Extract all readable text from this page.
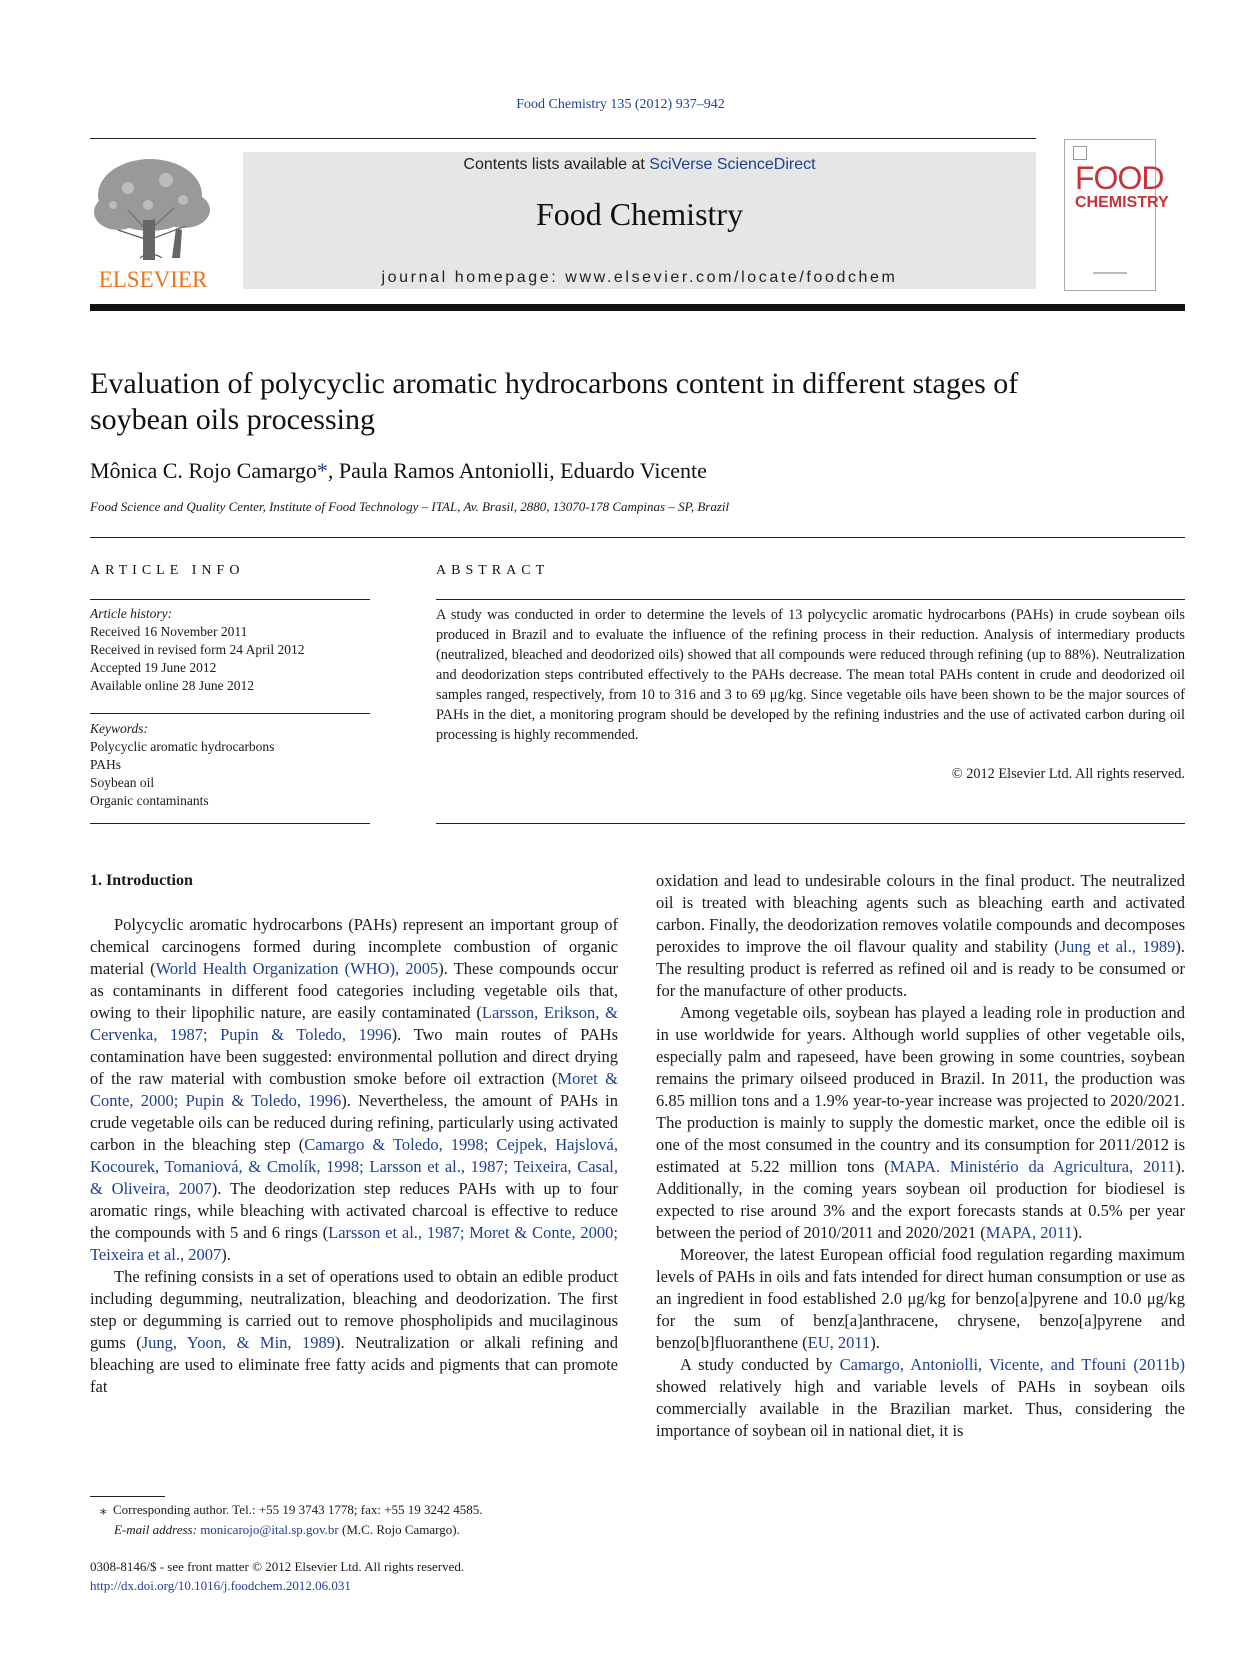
Food Chemistry 135 (2012) 937–942
ELSEVIER
Contents lists available at SciVerse ScienceDirect
Food Chemistry
journal homepage: www.elsevier.com/locate/foodchem
FOOD
CHEMISTRY
Evaluation of polycyclic aromatic hydrocarbons content in different stages of soybean oils processing
Mônica C. Rojo Camargo*, Paula Ramos Antoniolli, Eduardo Vicente
Food Science and Quality Center, Institute of Food Technology – ITAL, Av. Brasil, 2880, 13070-178 Campinas – SP, Brazil
ARTICLE INFO	ABSTRACT
Article history:
Received 16 November 2011
Received in revised form 24 April 2012
Accepted 19 June 2012
Available online 28 June 2012
Keywords:
Polycyclic aromatic hydrocarbons
PAHs
Soybean oil
Organic contaminants
A study was conducted in order to determine the levels of 13 polycyclic aromatic hydrocarbons (PAHs) in crude soybean oils produced in Brazil and to evaluate the influence of the refining process in their reduction. Analysis of intermediary products (neutralized, bleached and deodorized oils) showed that all compounds were reduced through refining (up to 88%). Neutralization and deodorization steps contributed effectively to the PAHs decrease. The mean total PAHs content in crude and deodorized oil samples ranged, respectively, from 10 to 316 and 3 to 69 μg/kg. Since vegetable oils have been shown to be the major sources of PAHs in the diet, a monitoring program should be developed by the refining industries and the use of activated carbon during oil processing is highly recommended.
© 2012 Elsevier Ltd. All rights reserved.
1. Introduction

Polycyclic aromatic hydrocarbons (PAHs) represent an important group of chemical carcinogens formed during incomplete combustion of organic material (World Health Organization (WHO), 2005). These compounds occur as contaminants in different food categories including vegetable oils that, owing to their lipophilic nature, are easily contaminated (Larsson, Erikson, & Cervenka, 1987; Pupin & Toledo, 1996). Two main routes of PAHs contamination have been suggested: environmental pollution and direct drying of the raw material with combustion smoke before oil extraction (Moret & Conte, 2000; Pupin & Toledo, 1996). Nevertheless, the amount of PAHs in crude vegetable oils can be reduced during refining, particularly using activated carbon in the bleaching step (Camargo & Toledo, 1998; Cejpek, Hajslová, Kocourek, Tomaniová, & Cmolík, 1998; Larsson et al., 1987; Teixeira, Casal, & Oliveira, 2007). The deodorization step reduces PAHs with up to four aromatic rings, while bleaching with activated charcoal is effective to reduce the compounds with 5 and 6 rings (Larsson et al., 1987; Moret & Conte, 2000; Teixeira et al., 2007).

The refining consists in a set of operations used to obtain an edible product including degumming, neutralization, bleaching and deodorization. The first step or degumming is carried out to remove phospholipids and mucilaginous gums (Jung, Yoon, & Min, 1989). Neutralization or alkali refining and bleaching are used to eliminate free fatty acids and pigments that can promote fat

oxidation and lead to undesirable colours in the final product. The neutralized oil is treated with bleaching agents such as bleaching earth and activated carbon. Finally, the deodorization removes volatile compounds and decomposes peroxides to improve the oil flavour quality and stability (Jung et al., 1989). The resulting product is referred as refined oil and is ready to be consumed or for the manufacture of other products.

Among vegetable oils, soybean has played a leading role in production and in use worldwide for years. Although world supplies of other vegetable oils, especially palm and rapeseed, have been growing in some countries, soybean remains the primary oilseed produced in Brazil. In 2011, the production was 6.85 million tons and a 1.9% year-to-year increase was projected to 2020/2021. The production is mainly to supply the domestic market, once the edible oil is one of the most consumed in the country and its consumption for 2011/2012 is estimated at 5.22 million tons (MAPA. Ministério da Agricultura, 2011). Additionally, in the coming years soybean oil production for biodiesel is expected to rise around 3% and the export forecasts stands at 0.5% per year between the period of 2010/2011 and 2020/2021 (MAPA, 2011).

Moreover, the latest European official food regulation regarding maximum levels of PAHs in oils and fats intended for direct human consumption or use as an ingredient in food established 2.0 μg/kg for benzo[a]pyrene and 10.0 μg/kg for the sum of benz[a]anthracene, chrysene, benzo[a]pyrene and benzo[b]fluoranthene (EU, 2011).

A study conducted by Camargo, Antoniolli, Vicente, and Tfouni (2011b) showed relatively high and variable levels of PAHs in soybean oils commercially available in the Brazilian market. Thus, considering the importance of soybean oil in national diet, it is

⁎ Corresponding author. Tel.: +55 19 3743 1778; fax: +55 19 3242 4585.
E-mail address: monicarojo@ital.sp.gov.br (M.C. Rojo Camargo).
0308-8146/$ - see front matter © 2012 Elsevier Ltd. All rights reserved.
http://dx.doi.org/10.1016/j.foodchem.2012.06.031
